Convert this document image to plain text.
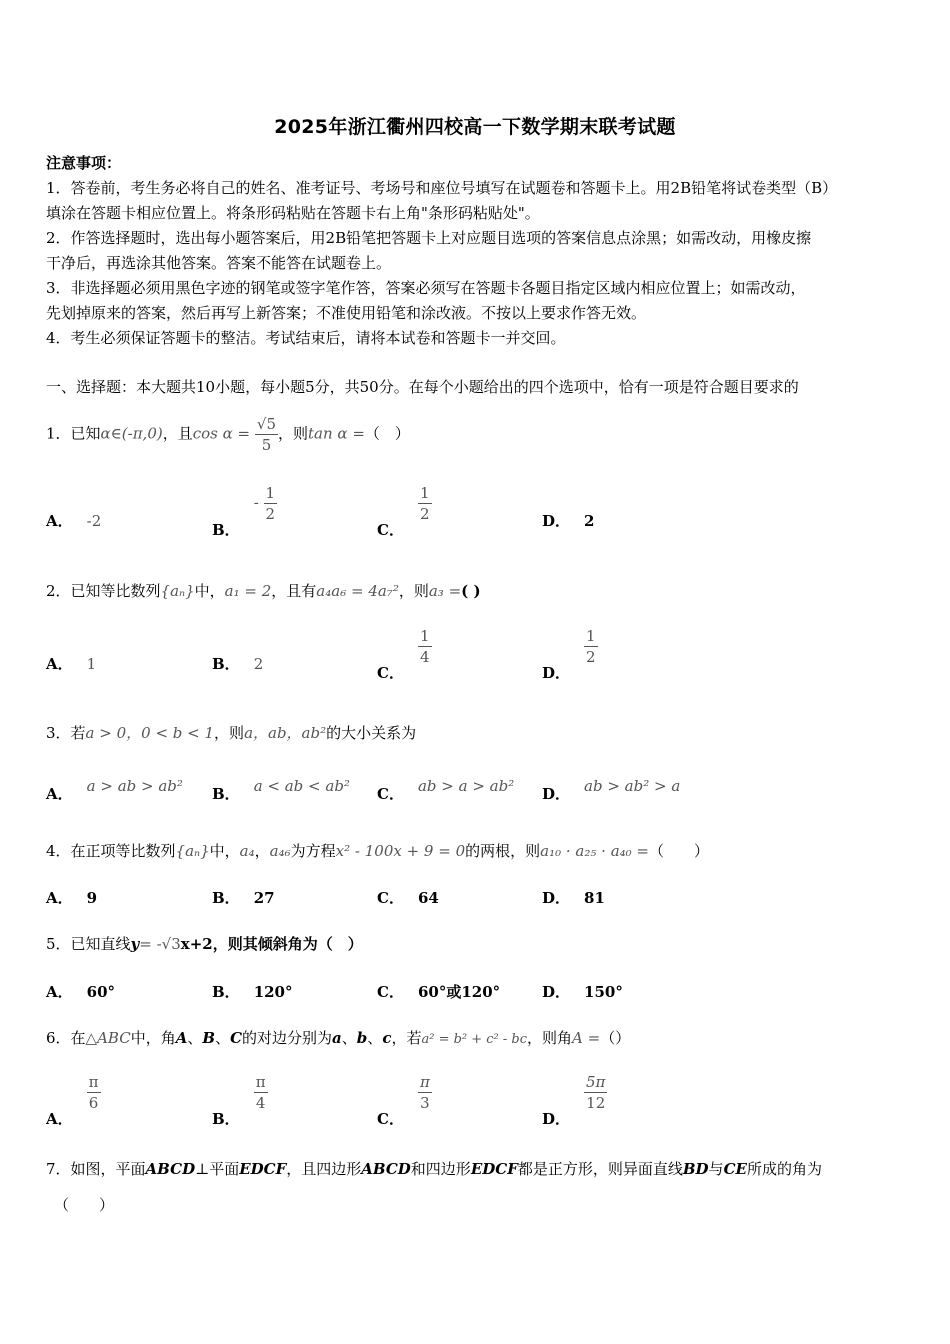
2025年浙江衢州四校高一下数学期末联考试题
注意事项：
1．答卷前，考生务必将自己的姓名、准考证号、考场号和座位号填写在试题卷和答题卡上。用2B铅笔将试卷类型（B）
填涂在答题卡相应位置上。将条形码粘贴在答题卡右上角"条形码粘贴处"。
2．作答选择题时，选出每小题答案后，用2B铅笔把答题卡上对应题目选项的答案信息点涂黑；如需改动，用橡皮擦
干净后，再选涂其他答案。答案不能答在试题卷上。
3．非选择题必须用黑色字迹的钢笔或签字笔作答，答案必须写在答题卡各题目指定区域内相应位置上；如需改动，
先划掉原来的答案，然后再写上新答案；不准使用铅笔和涂改液。不按以上要求作答无效。
4．考生必须保证答题卡的整洁。考试结束后，请将本试卷和答题卡一并交回。
一、选择题：本大题共10小题，每小题5分，共50分。在每个小题给出的四个选项中，恰有一项是符合题目要求的
1．已知α∈(-π,0)，且$\cos \alpha = \frac{√5}{5}$ ，则tan α =（　）
A． -2	B．- $\frac{1}{2}$
C．
$\frac{1}{2}$	D． 2
2．已知等比数列{aₙ}中，a₁ = 2，且有a₄a₆ = 4a₇²，则a₃ =( )
A． 1	B． 2	C．
$\frac{1}{4}$
D．
$\frac{1}{2}$
3．若a > 0，0 < b < 1，则a，ab，ab²的大小关系为
A． a > ab > ab² B． a < ab < ab² C． ab > a > ab² D． ab > ab² > a
4．在正项等比数列{aₙ}中，a₄，a₄₆为方程x² - 100x + 9 = 0的两根，则a₁₀ · a₂₅ · a₄₀ =（　　）
A． 9	B． 27	C． 64	D． 81
5．已知直线y= -√3x+2，则其倾斜角为（　）
A． 60°	B． 120°	C． 60°或120°	D． 150°
6．在△ABC中，角A、B、C的对边分别为a、b、c，若a² = b² + c² - bc，则角A =（）
A．
$\frac{\pi}{6}$
B．
$\frac{\pi}{4}$
C．
$\frac{\pi}{3}$
D．
$\frac{5\pi}{12}$
7．如图，平面ABCD⊥平面EDCF，且四边形ABCD和四边形EDCF都是正方形，则异面直线BD与CE所成的角为
（　　）
